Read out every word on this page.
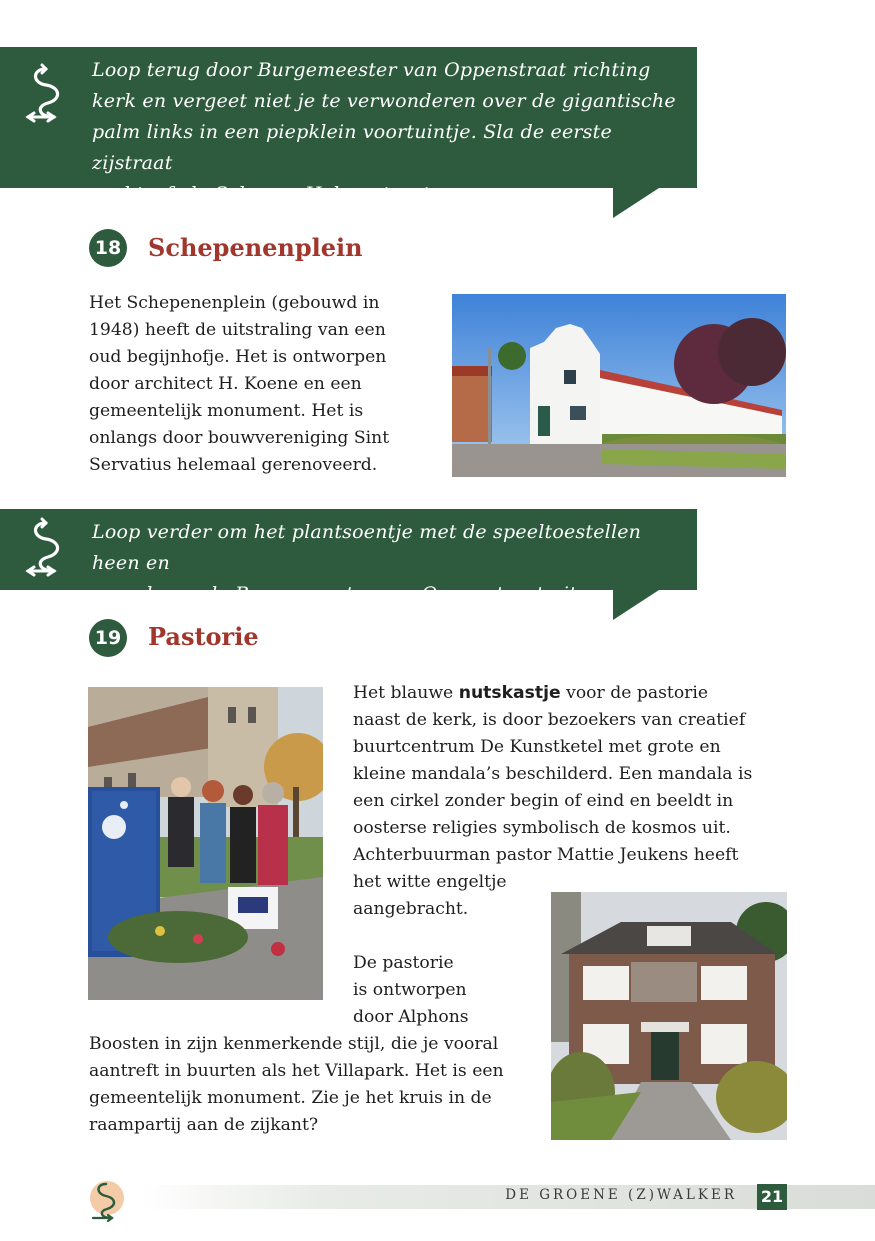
Loop terug door Burgemeester van Oppenstraat richting
kerk en vergeet niet je te verwonderen over de gigantische
palm links in een piepklein voortuintje. Sla de eerste zijstraat
rechtsaf, de Schepen Helgerstraat.
18 Schepenenplein
Het Schepenenplein (gebouwd in
1948) heeft de uitstraling van een
oud begijnhofje. Het is ontworpen
door architect H. Koene en een
gemeentelijk monument. Het is
onlangs door bouwvereniging Sint
Servatius helemaal gerenoveerd.
Loop verder om het plantsoentje met de speeltoestellen heen en
vervolgens de Burgemeester van Oppenstraat uit.
19 Pastorie
Het blauwe nutskastje voor de pastorie
naast de kerk, is door bezoekers van creatief
buurtcentrum De Kunstketel met grote en
kleine mandala’s beschilderd. Een mandala is
een cirkel zonder begin of eind en beeldt in
oosterse religies symbolisch de kosmos uit.
Achterbuurman pastor Mattie Jeukens heeft
het witte engeltje
aangebracht.
De pastorie
is ontworpen
door Alphons
Boosten in zijn kenmerkende stijl, die je vooral
aantreft in buurten als het Villapark. Het is een
gemeentelijk monument. Zie je het kruis in de
raampartij aan de zijkant?
DE GROENE (Z)WALKER 21
